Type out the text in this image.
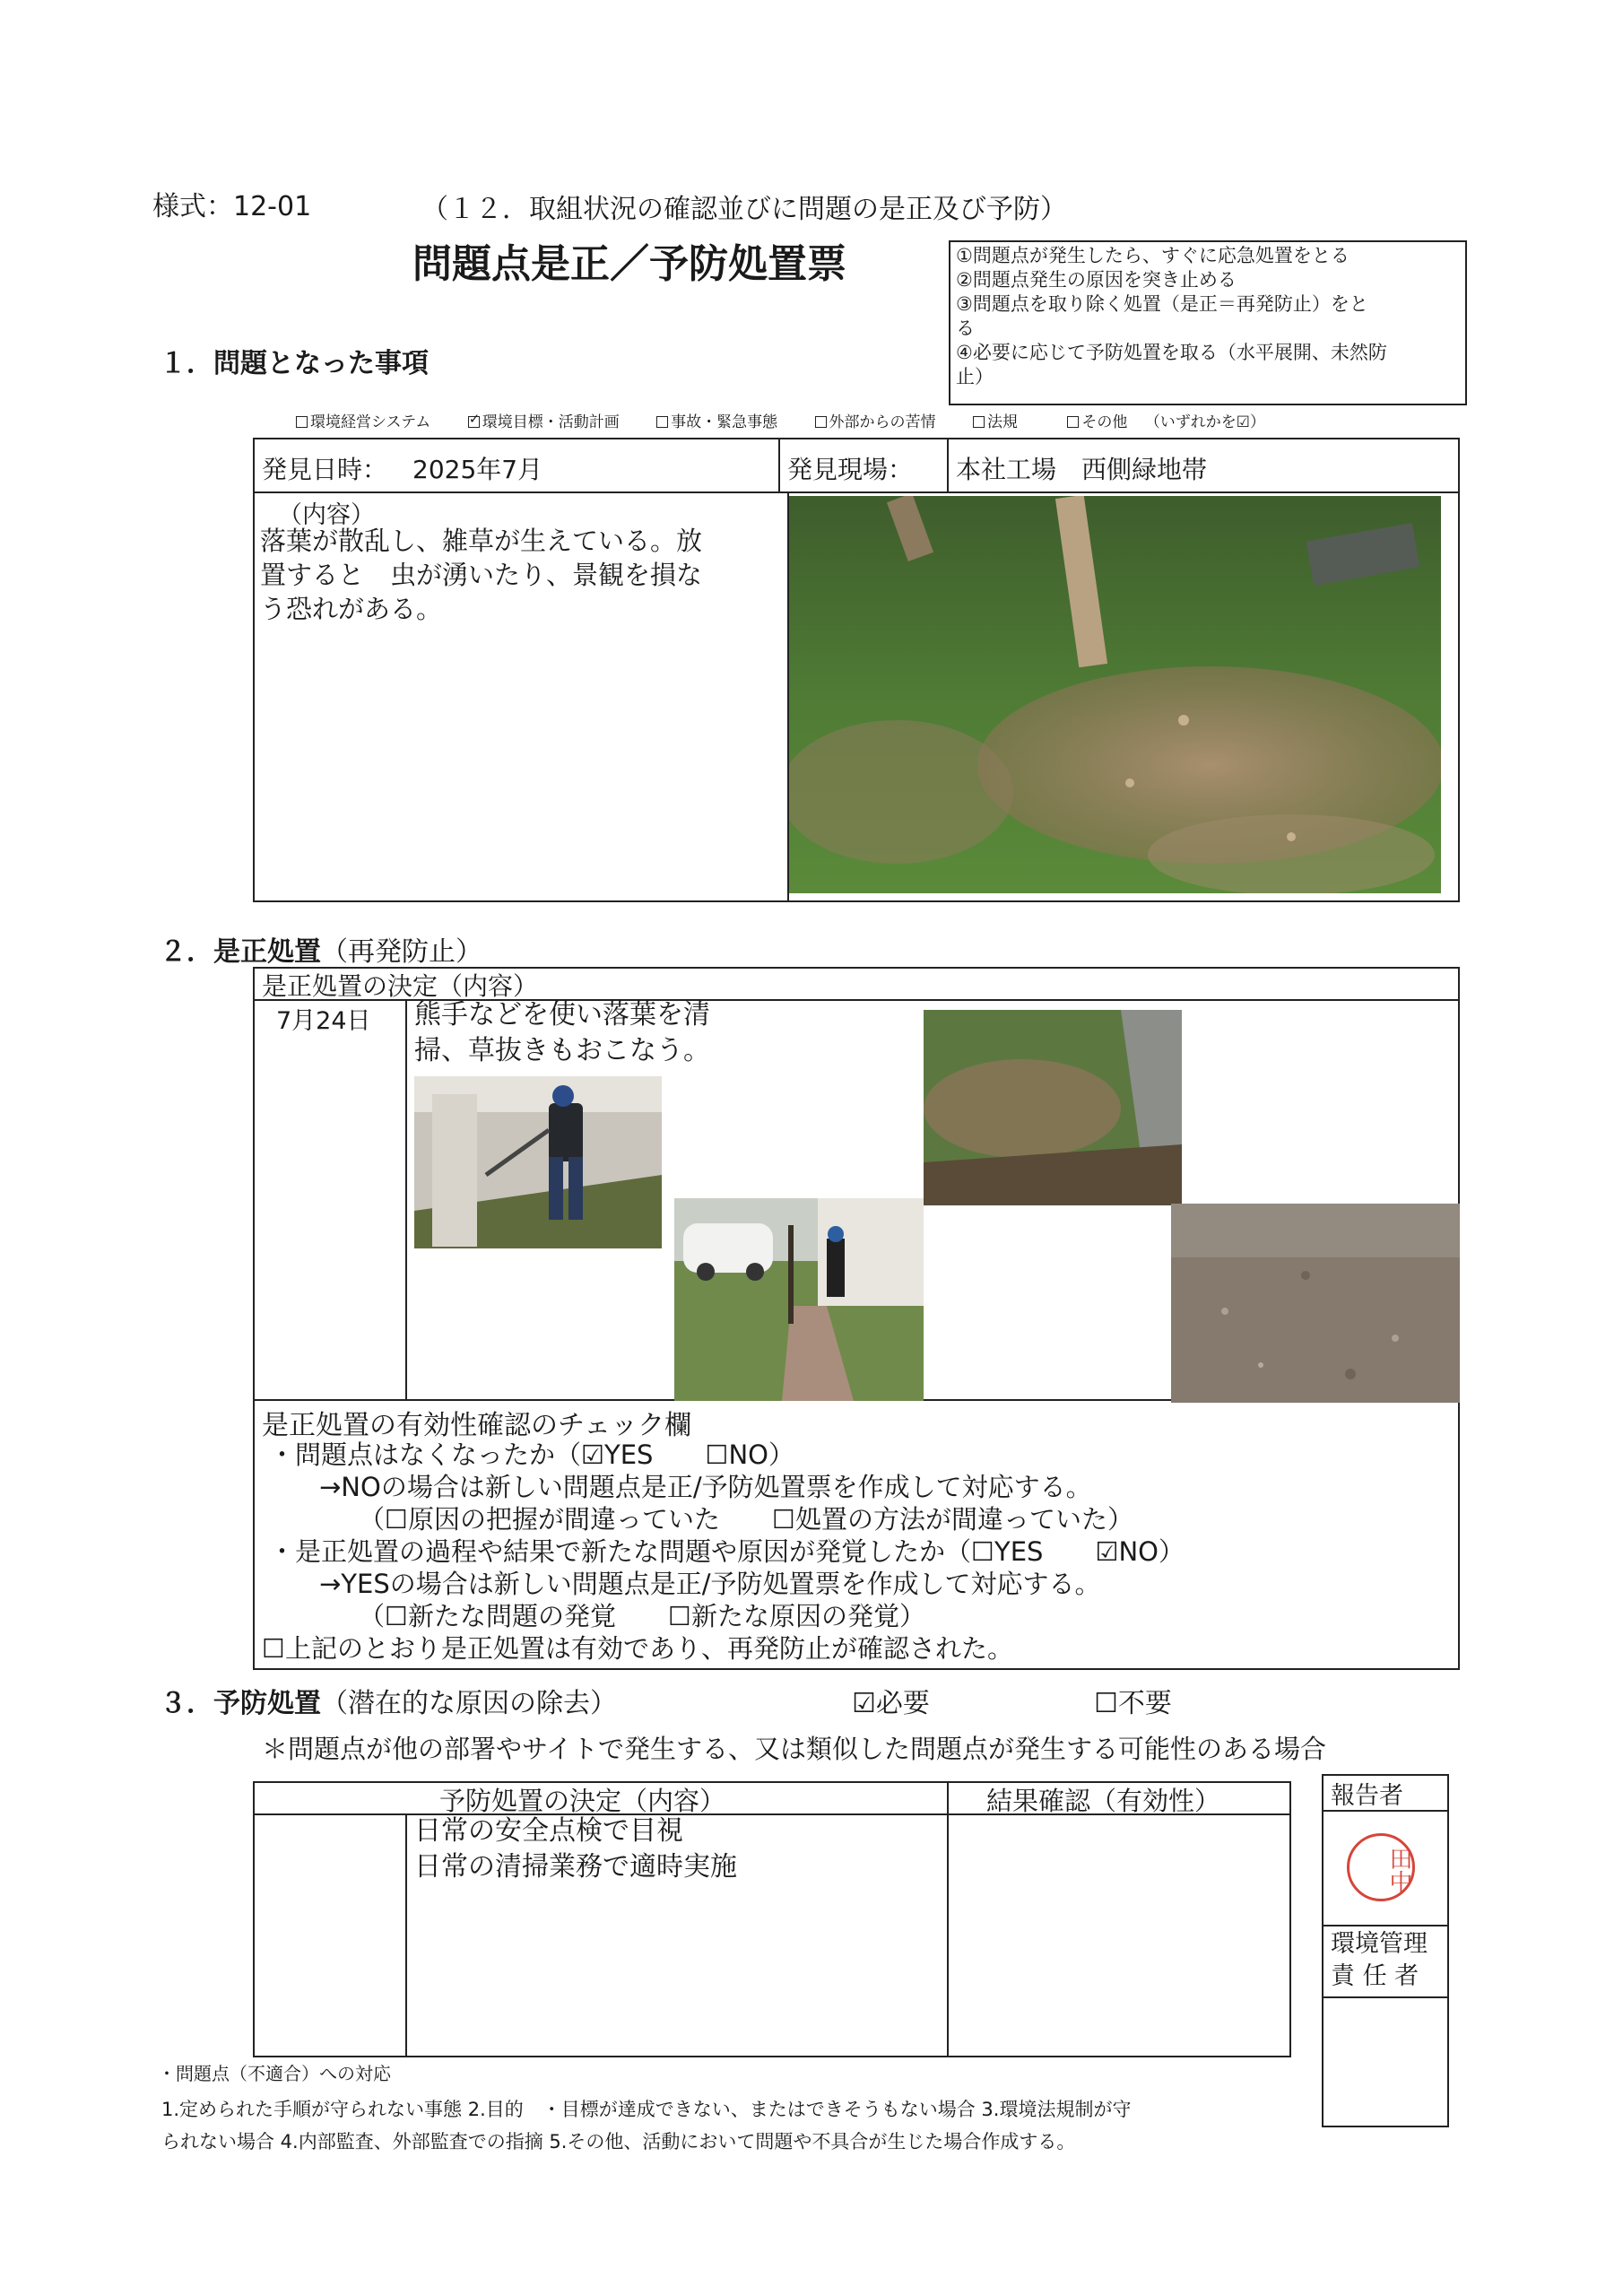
様式：12-01	（１２．取組状況の確認並びに問題の是正及び予防）
問題点是正／予防処置票	①問題点が発生したら、すぐに応急処置をとる
②問題点発生の原因を突き止める
③問題点を取り除く処置（是正＝再発防止）をと
る
④必要に応じて予防処置を取る（水平展開、未然防
止）
１．問題となった事項
環境経営システム ✓	環境目標・活動計画	事故・緊急事態	外部からの苦情	法規	その他 （いずれかを☑）
発見日時： 2025年7月	発見現場： 本社工場　西側緑地帯
（内容）
落葉が散乱し、雑草が生えている。放
置すると　虫が湧いたり、景観を損な
う恐れがある。
２．是正処置（再発防止）
是正処置の決定（内容）
7月24日 熊手などを使い落葉を清
掃、草抜きもおこなう。
是正処置の有効性確認のチェック欄
・問題点はなくなったか（☑YES　　☐NO）
→NOの場合は新しい問題点是正/予防処置票を作成して対応する。
（☐原因の把握が間違っていた　　☐処置の方法が間違っていた）
・是正処置の過程や結果で新たな問題や原因が発覚したか（☐YES　　☑NO）
→YESの場合は新しい問題点是正/予防処置票を作成して対応する。
（☐新たな問題の発覚　　☐新たな原因の発覚）
☐上記のとおり是正処置は有効であり、再発防止が確認された。
３．予防処置（潜在的な原因の除去）	☑必要	☐不要
＊問題点が他の部署やサイトで発生する、又は類似した問題点が発生する可能性のある場合
予防処置の決定（内容）	結果確認（有効性）
日常の安全点検で目視
日常の清掃業務で適時実施
報告者
田中
環境管理
責 任 者
・問題点（不適合）への対応
1.定められた手順が守られない事態 2.目的　・目標が達成できない、またはできそうもない場合 3.環境法規制が守
られない場合 4.内部監査、外部監査での指摘 5.その他、活動において問題や不具合が生じた場合作成する。
